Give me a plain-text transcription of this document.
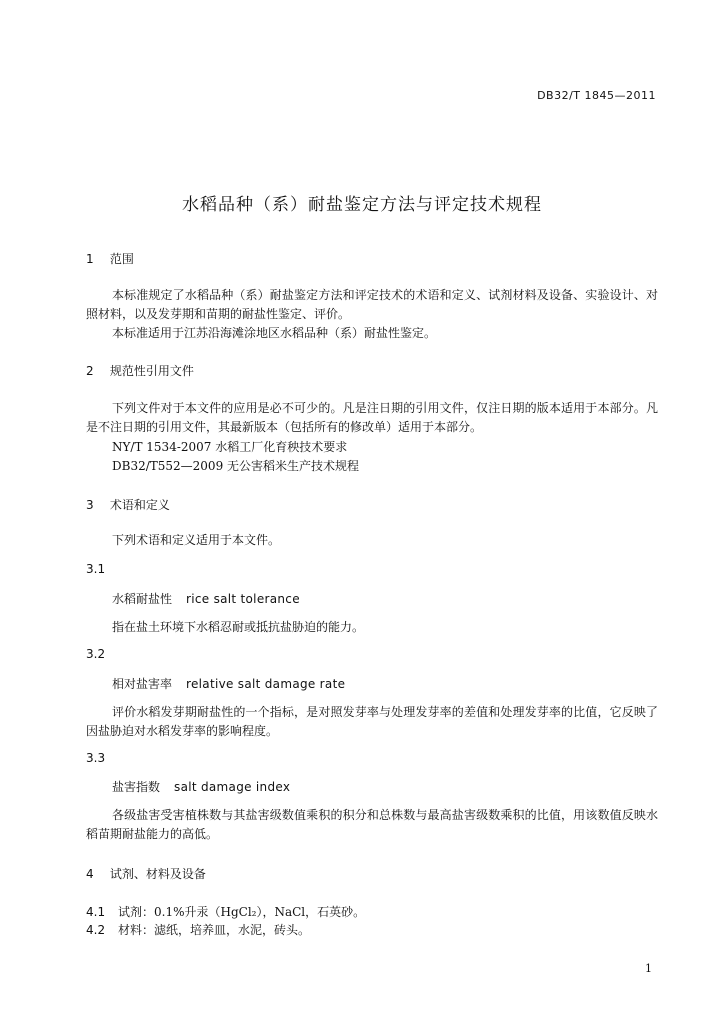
DB32/T 1845—2011
水稻品种（系）耐盐鉴定方法与评定技术规程
1 范围
本标准规定了水稻品种（系）耐盐鉴定方法和评定技术的术语和定义、试剂材料及设备、实验设计、对照材料，以及发芽期和苗期的耐盐性鉴定、评价。
本标准适用于江苏沿海滩涂地区水稻品种（系）耐盐性鉴定。
2 规范性引用文件
下列文件对于本文件的应用是必不可少的。凡是注日期的引用文件，仅注日期的版本适用于本部分。凡是不注日期的引用文件，其最新版本（包括所有的修改单）适用于本部分。
NY/T 1534-2007 水稻工厂化育秧技术要求
DB32/T552—2009 无公害稻米生产技术规程
3 术语和定义
下列术语和定义适用于本文件。
3.1
水稻耐盐性 rice salt tolerance
指在盐土环境下水稻忍耐或抵抗盐胁迫的能力。
3.2
相对盐害率 relative salt damage rate
评价水稻发芽期耐盐性的一个指标，是对照发芽率与处理发芽率的差值和处理发芽率的比值，它反映了因盐胁迫对水稻发芽率的影响程度。
3.3
盐害指数 salt damage index
各级盐害受害植株数与其盐害级数值乘积的积分和总株数与最高盐害级数乘积的比值，用该数值反映水稻苗期耐盐能力的高低。
4 试剂、材料及设备
4.1 试剂：0.1%升汞（HgCl₂），NaCl，石英砂。
4.2 材料：滤纸，培养皿，水泥，砖头。
1
